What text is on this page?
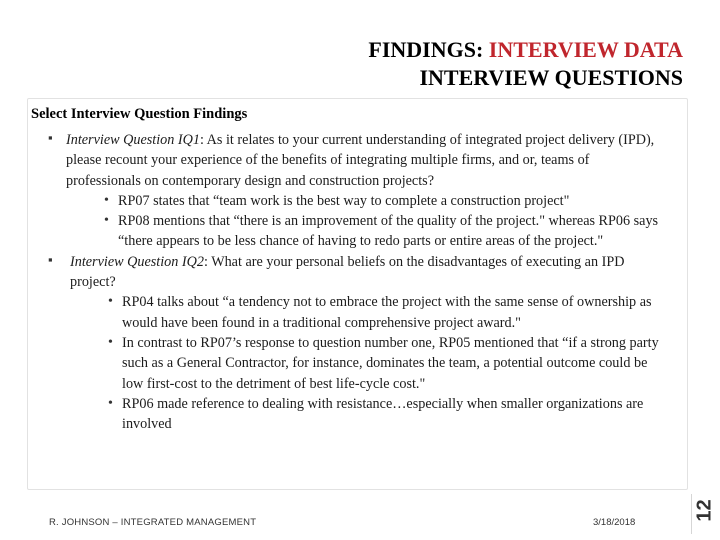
FINDINGS: INTERVIEW DATA
INTERVIEW QUESTIONS
Select Interview Question Findings
▪
Interview Question IQ1: As it relates to your current understanding of integrated project delivery (IPD), please recount your experience of the benefits of integrating multiple firms, and or, teams of professionals on contemporary design and construction projects?
• RP07 states that “team work is the best way to complete a construction project"
• RP08 mentions that “there is an improvement of the quality of the project." whereas RP06 says “there appears to be less chance of having to redo parts or entire areas of the project."
▪
Interview Question IQ2: What are your personal beliefs on the disadvantages of executing an IPD project?
• RP04 talks about “a tendency not to embrace the project with the same sense of ownership as would have been found in a traditional comprehensive project award."
• In contrast to RP07’s response to question number one, RP05 mentioned that “if a strong party such as a General Contractor, for instance, dominates the team, a potential outcome could be low first-cost to the detriment of best life-cycle cost."
• RP06 made reference to dealing with resistance…especially when smaller organizations are involved
12
R. JOHNSON – INTEGRATED MANAGEMENT	3/18/2018
